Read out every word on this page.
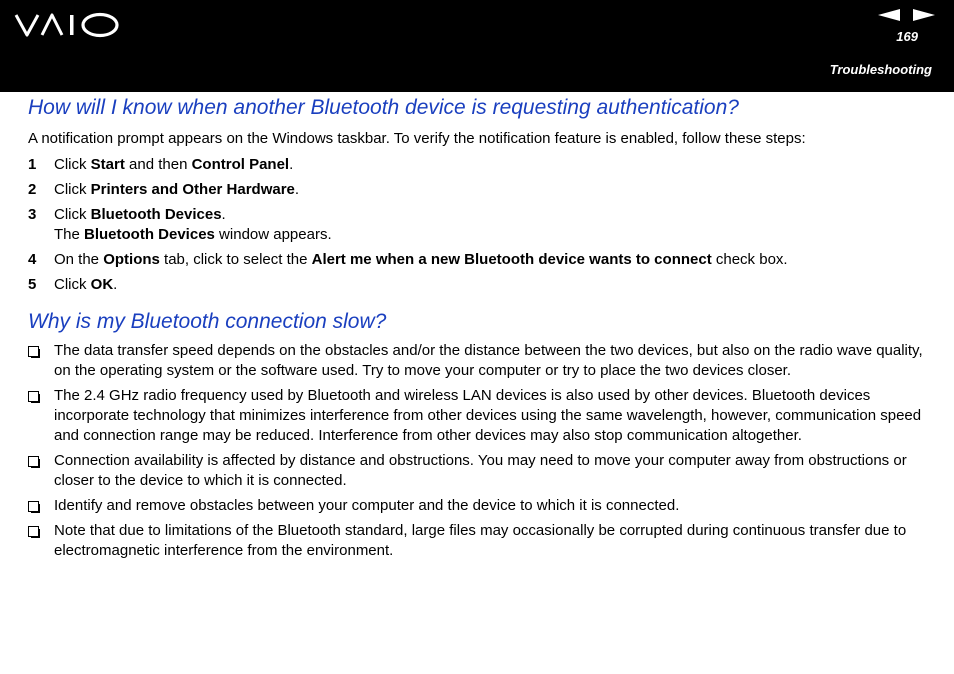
169
Troubleshooting
How will I know when another Bluetooth device is requesting authentication?

A notification prompt appears on the Windows taskbar. To verify the notification feature is enabled, follow these steps:

1 Click Start and then Control Panel.
2 Click Printers and Other Hardware.
3 Click Bluetooth Devices.
The Bluetooth Devices window appears.
4 On the Options tab, click to select the Alert me when a new Bluetooth device wants to connect check box.
5 Click OK.
Why is my Bluetooth connection slow?
The data transfer speed depends on the obstacles and/or the distance between the two devices, but also on the radio wave quality, on the operating system or the software used. Try to move your computer or try to place the two devices closer.
The 2.4 GHz radio frequency used by Bluetooth and wireless LAN devices is also used by other devices. Bluetooth devices incorporate technology that minimizes interference from other devices using the same wavelength, however, communication speed and connection range may be reduced. Interference from other devices may also stop communication altogether.
Connection availability is affected by distance and obstructions. You may need to move your computer away from obstructions or closer to the device to which it is connected.
Identify and remove obstacles between your computer and the device to which it is connected.
Note that due to limitations of the Bluetooth standard, large files may occasionally be corrupted during continuous transfer due to electromagnetic interference from the environment.
